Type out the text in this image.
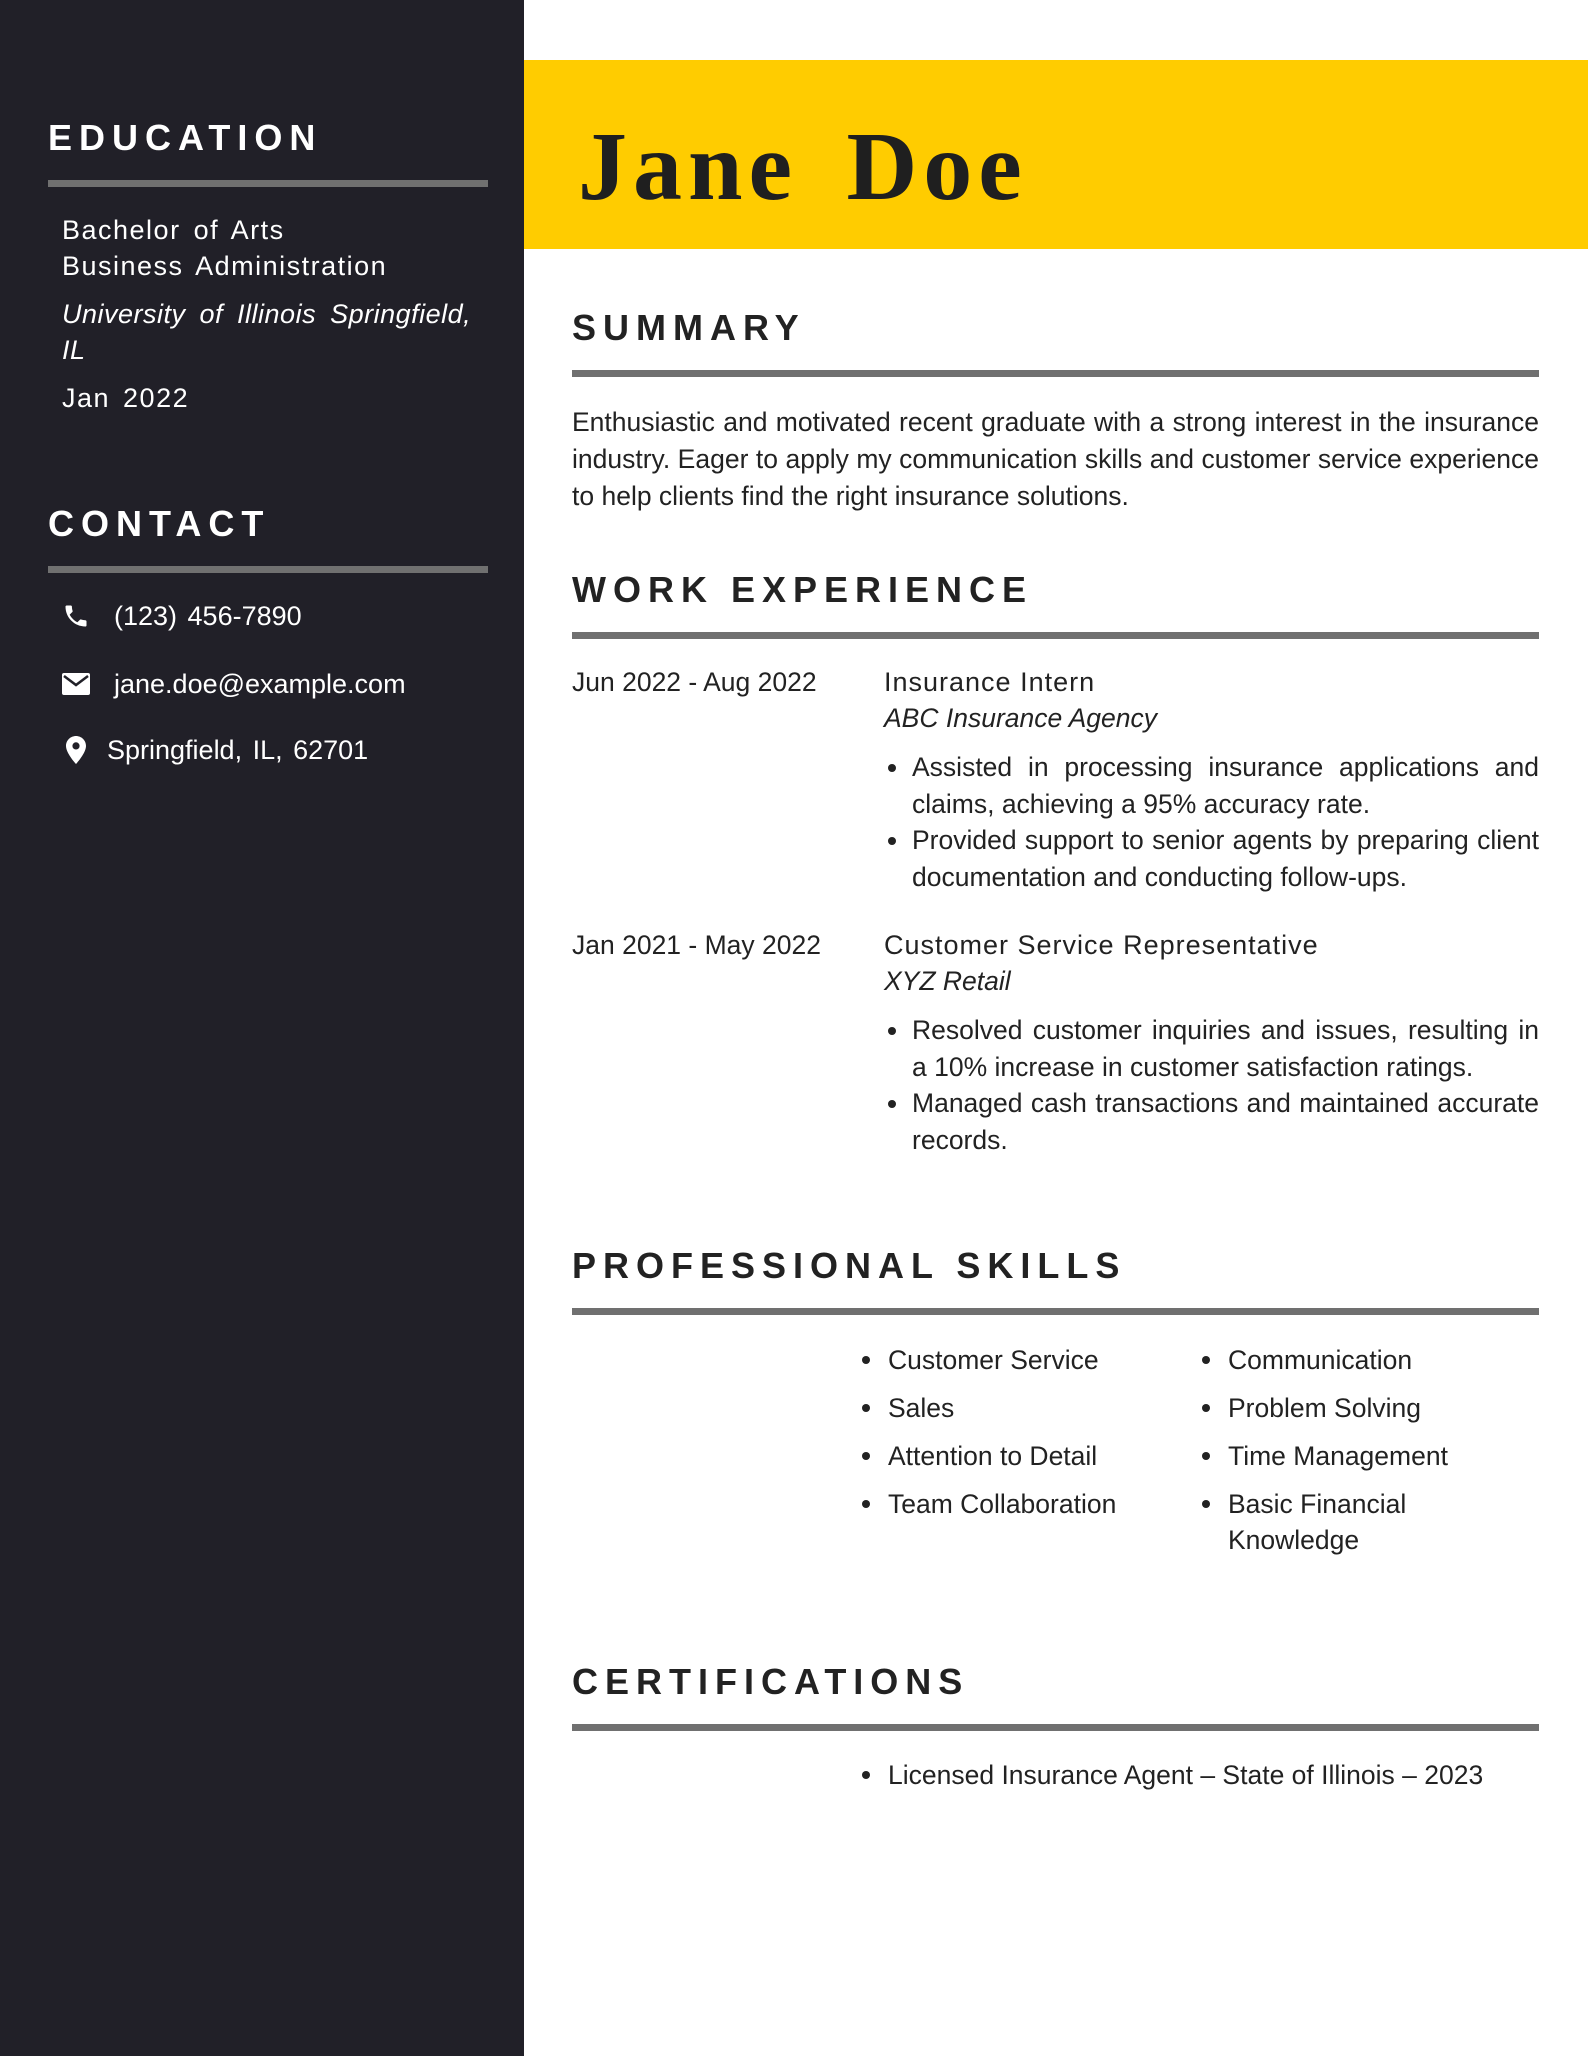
EDUCATION
Bachelor of Arts
Business Administration
University of Illinois Springfield, IL
Jan 2022
CONTACT
(123) 456-7890
jane.doe@example.com
Springfield, IL, 62701
Jane Doe
SUMMARY

Enthusiastic and motivated recent graduate with a strong interest in the insurance industry. Eager to apply my communication skills and customer service experience to help clients find the right insurance solutions.

WORK EXPERIENCE
Jun 2022 - Aug 2022 Insurance Intern
ABC Insurance Agency
Assisted in processing insurance applications and claims, achieving a 95% accuracy rate.
Provided support to senior agents by preparing client documentation and conducting follow-ups.
Jan 2021 - May 2022 Customer Service Representative
XYZ Retail
Resolved customer inquiries and issues, resulting in a 10% increase in customer satisfaction ratings.
Managed cash transactions and maintained accurate records.
PROFESSIONAL SKILLS
Customer Service
Sales
Attention to Detail
Team Collaboration
Communication
Problem Solving
Time Management
Basic Financial Knowledge
CERTIFICATIONS
Licensed Insurance Agent – State of Illinois – 2023
